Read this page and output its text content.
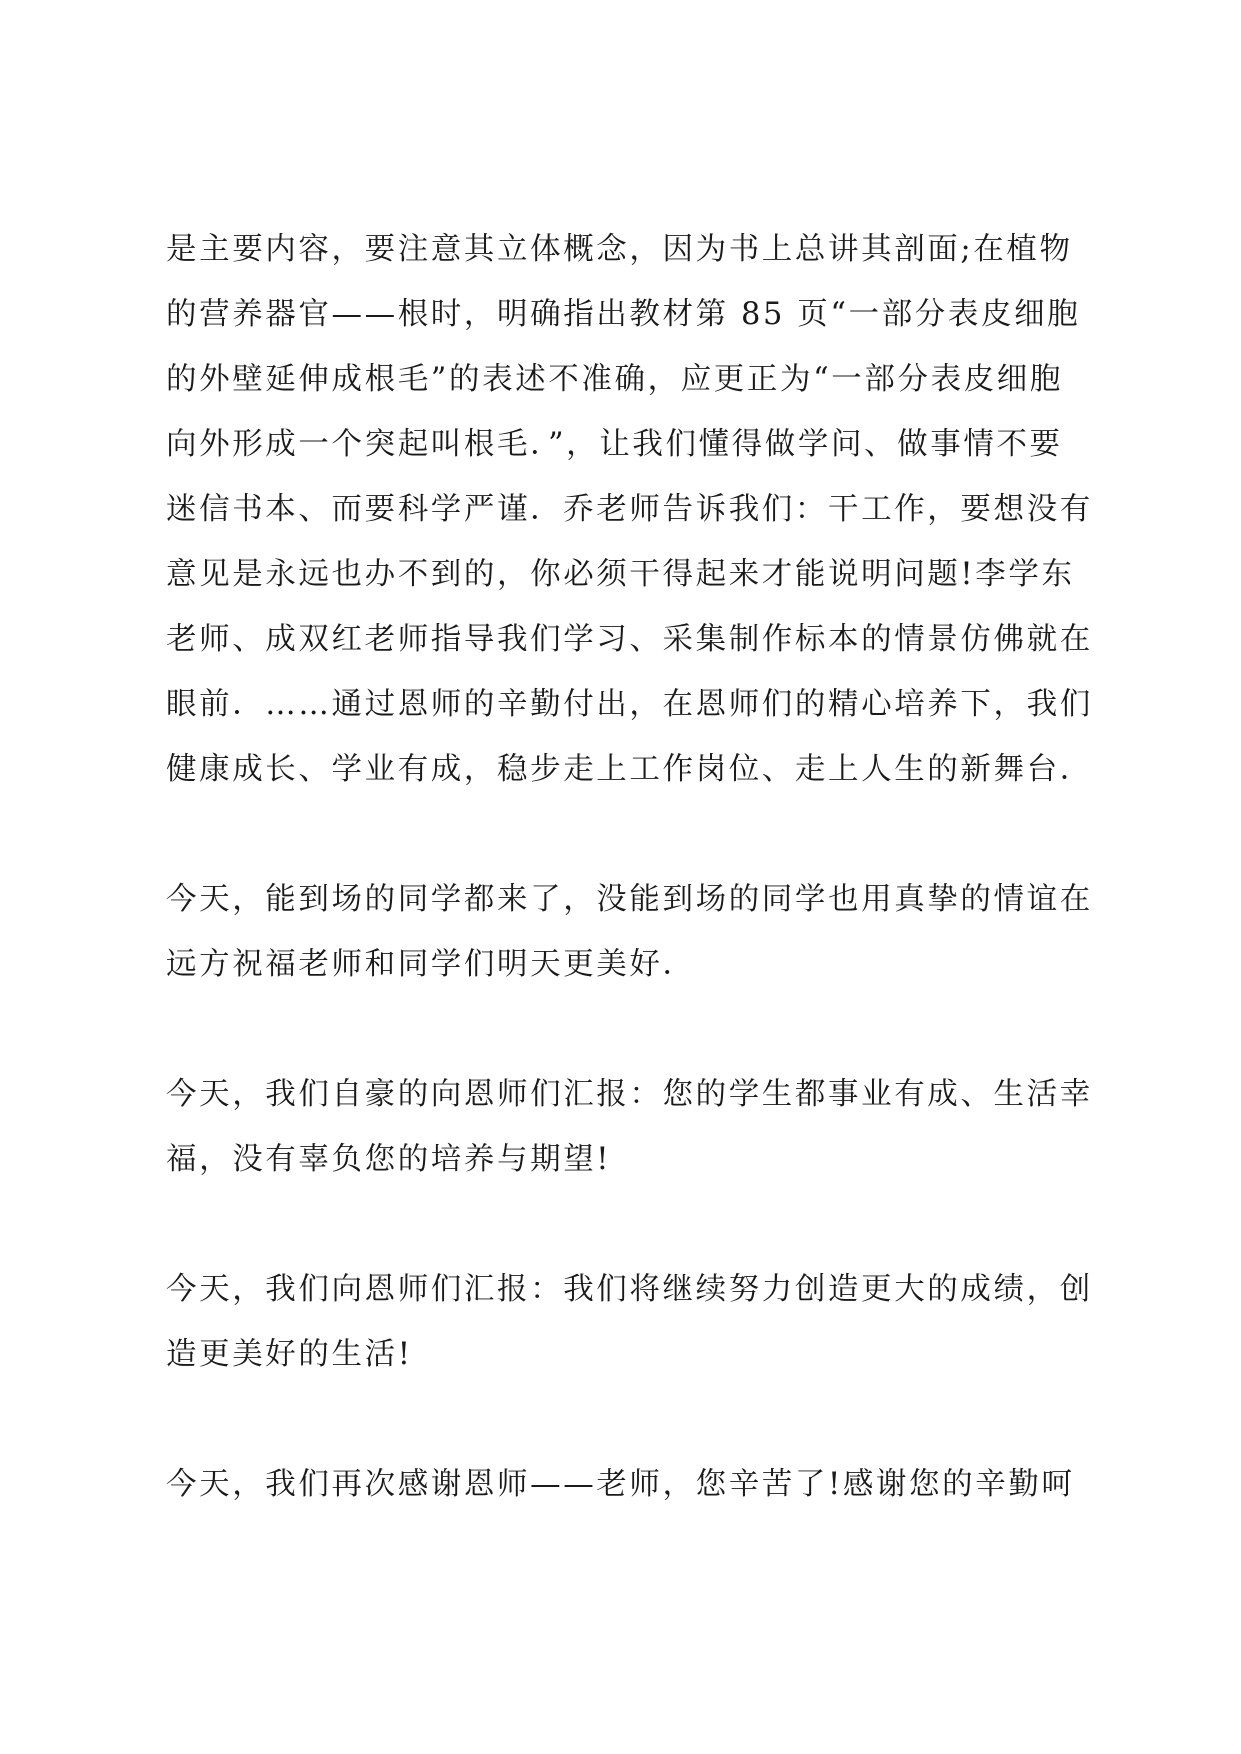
是主要内容，要注意其立体概念，因为书上总讲其剖面;在植物
的营养器官——根时，明确指出教材第 85 页“一部分表皮细胞
的外壁延伸成根毛”的表述不准确，应更正为“一部分表皮细胞
向外形成一个突起叫根毛．”，让我们懂得做学问、做事情不要
迷信书本、而要科学严谨．乔老师告诉我们：干工作，要想没有
意见是永远也办不到的，你必须干得起来才能说明问题!李学东
老师、成双红老师指导我们学习、采集制作标本的情景仿佛就在
眼前．……通过恩师的辛勤付出，在恩师们的精心培养下，我们
健康成长、学业有成，稳步走上工作岗位、走上人生的新舞台．
今天，能到场的同学都来了，没能到场的同学也用真挚的情谊在
远方祝福老师和同学们明天更美好．
今天，我们自豪的向恩师们汇报：您的学生都事业有成、生活幸
福，没有辜负您的培养与期望!
今天，我们向恩师们汇报：我们将继续努力创造更大的成绩，创
造更美好的生活!
今天，我们再次感谢恩师——老师，您辛苦了!感谢您的辛勤呵
